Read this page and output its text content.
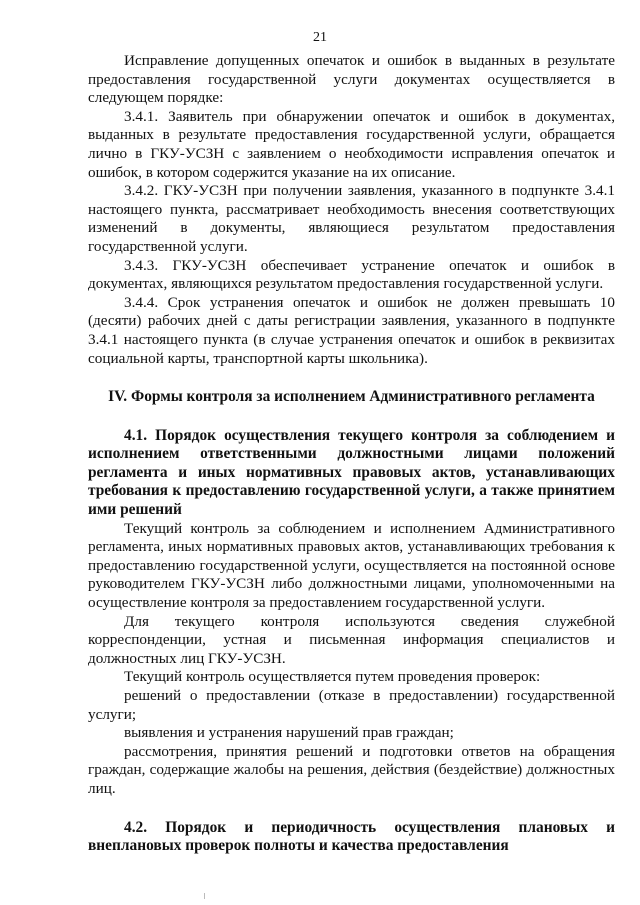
21

Исправление допущенных опечаток и ошибок в выданных в результате предоставления государственной услуги документах осуществляется в следующем порядке:

3.4.1. Заявитель при обнаружении опечаток и ошибок в документах, выданных в результате предоставления государственной услуги, обращается лично в ГКУ-УСЗН с заявлением о необходимости исправления опечаток и ошибок, в котором содержится указание на их описание.

3.4.2. ГКУ-УСЗН при получении заявления, указанного в подпункте 3.4.1 настоящего пункта, рассматривает необходимость внесения соответствующих изменений в документы, являющиеся результатом предоставления государственной услуги.

3.4.3. ГКУ-УСЗН обеспечивает устранение опечаток и ошибок в документах, являющихся результатом предоставления государственной услуги.

3.4.4. Срок устранения опечаток и ошибок не должен превышать 10 (десяти) рабочих дней с даты регистрации заявления, указанного в подпункте 3.4.1 настоящего пункта (в случае устранения опечаток и ошибок в реквизитах социальной карты, транспортной карты школьника).

IV. Формы контроля за исполнением Административного регламента

4.1. Порядок осуществления текущего контроля за соблюдением и исполнением ответственными должностными лицами положений регламента и иных нормативных правовых актов, устанавливающих требования к предоставлению государственной услуги, а также принятием ими решений

Текущий контроль за соблюдением и исполнением Административного регламента, иных нормативных правовых актов, устанавливающих требования к предоставлению государственной услуги, осуществляется на постоянной основе руководителем ГКУ-УСЗН либо должностными лицами, уполномоченными на осуществление контроля за предоставлением государственной услуги.

Для текущего контроля используются сведения служебной корреспонденции, устная и письменная информация специалистов и должностных лиц ГКУ-УСЗН.

Текущий контроль осуществляется путем проведения проверок:

решений о предоставлении (отказе в предоставлении) государственной услуги;

выявления и устранения нарушений прав граждан;

рассмотрения, принятия решений и подготовки ответов на обращения граждан, содержащие жалобы на решения, действия (бездействие) должностных лиц.

4.2. Порядок и периодичность осуществления плановых и внеплановых проверок полноты и качества предоставления
